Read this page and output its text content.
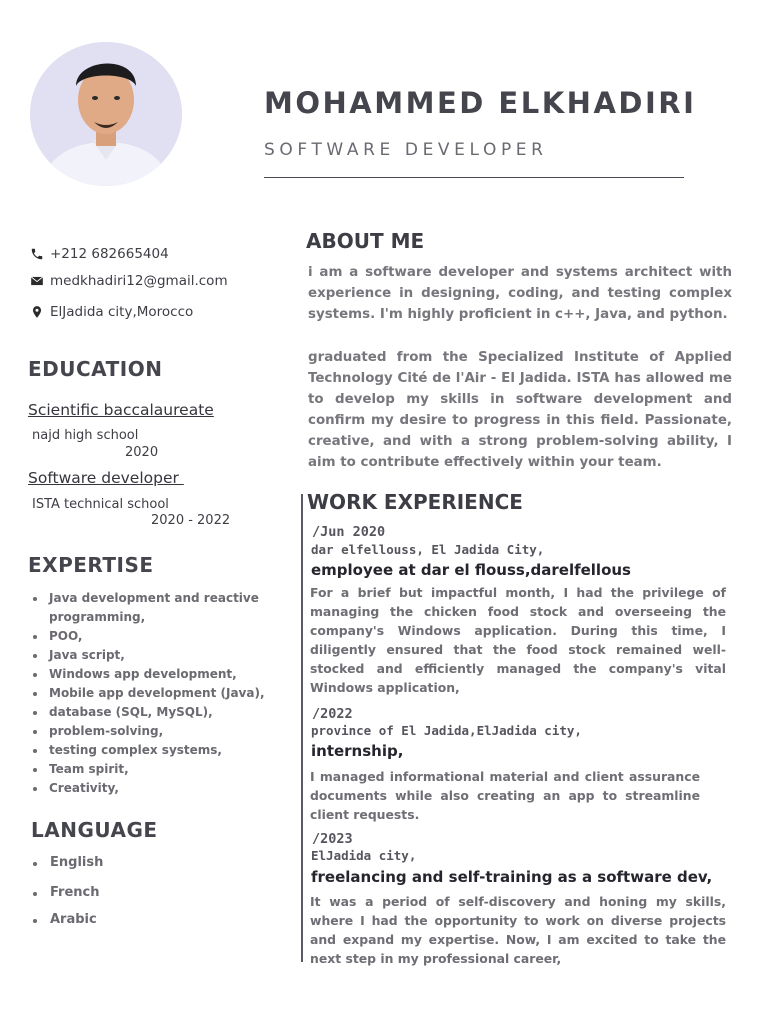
MOHAMMED ELKHADIRI
SOFTWARE DEVELOPER
+212 682665404
medkhadiri12@gmail.com
ElJadida city,Morocco
EDUCATION
Scientific baccalaureate
najd high school
2020
Software developer
ISTA technical school
2020 - 2022
EXPERTISE
Java development and reactive programming,
POO,
Java script,
Windows app development,
Mobile app development (Java),
database (SQL, MySQL),
problem-solving,
testing complex systems,
Team spirit,
Creativity,
LANGUAGE
English
French
Arabic
ABOUT ME
i am a software developer and systems architect with experience in designing, coding, and testing complex systems. I'm highly proficient in c++, Java, and python.
graduated from the Specialized Institute of Applied Technology Cité de l'Air - El Jadida. ISTA has allowed me to develop my skills in software development and confirm my desire to progress in this field. Passionate, creative, and with a strong problem-solving ability, I aim to contribute effectively within your team.
WORK EXPERIENCE
/Jun 2020
dar elfellouss, El Jadida City,
employee at dar el flouss,darelfellous
For a brief but impactful month, I had the privilege of managing the chicken food stock and overseeing the company's Windows application. During this time, I diligently ensured that the food stock remained well-stocked and efficiently managed the company's vital Windows application,
/2022
province of El Jadida,ElJadida city,
internship,
I managed informational material and client assurance documents while also creating an app to streamline client requests.
/2023
ElJadida city,
freelancing and self-training as a software dev,
It was a period of self-discovery and honing my skills, where I had the opportunity to work on diverse projects and expand my expertise. Now, I am excited to take the next step in my professional career,
